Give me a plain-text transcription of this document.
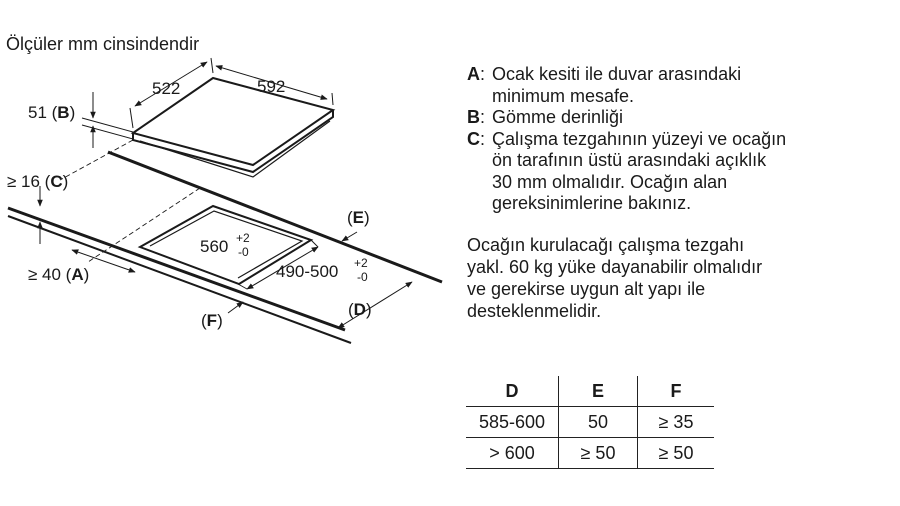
Ölçüler mm cinsindendir
522	592
51 (B)
≥ 16 (C)
≥ 40 (A)
560 +2
-0
490-500 +2
-0
(E)
(D)
(F)
A : Ocak kesiti ile duvar arasındaki
minimum mesafe.
B : Gömme derinliği
C : Çalışma tezgahının yüzeyi ve ocağın
ön tarafının üstü arasındaki açıklık
30 mm olmalıdır. Ocağın alan
gereksinimlerine bakınız.
Ocağın kurulacağı çalışma tezgahı
yakl. 60 kg yüke dayanabilir olmalıdır
ve gerekirse uygun alt yapı ile
desteklenmelidir.
D	E	F
585-600	50	≥ 35
> 600	≥ 50	≥ 50
